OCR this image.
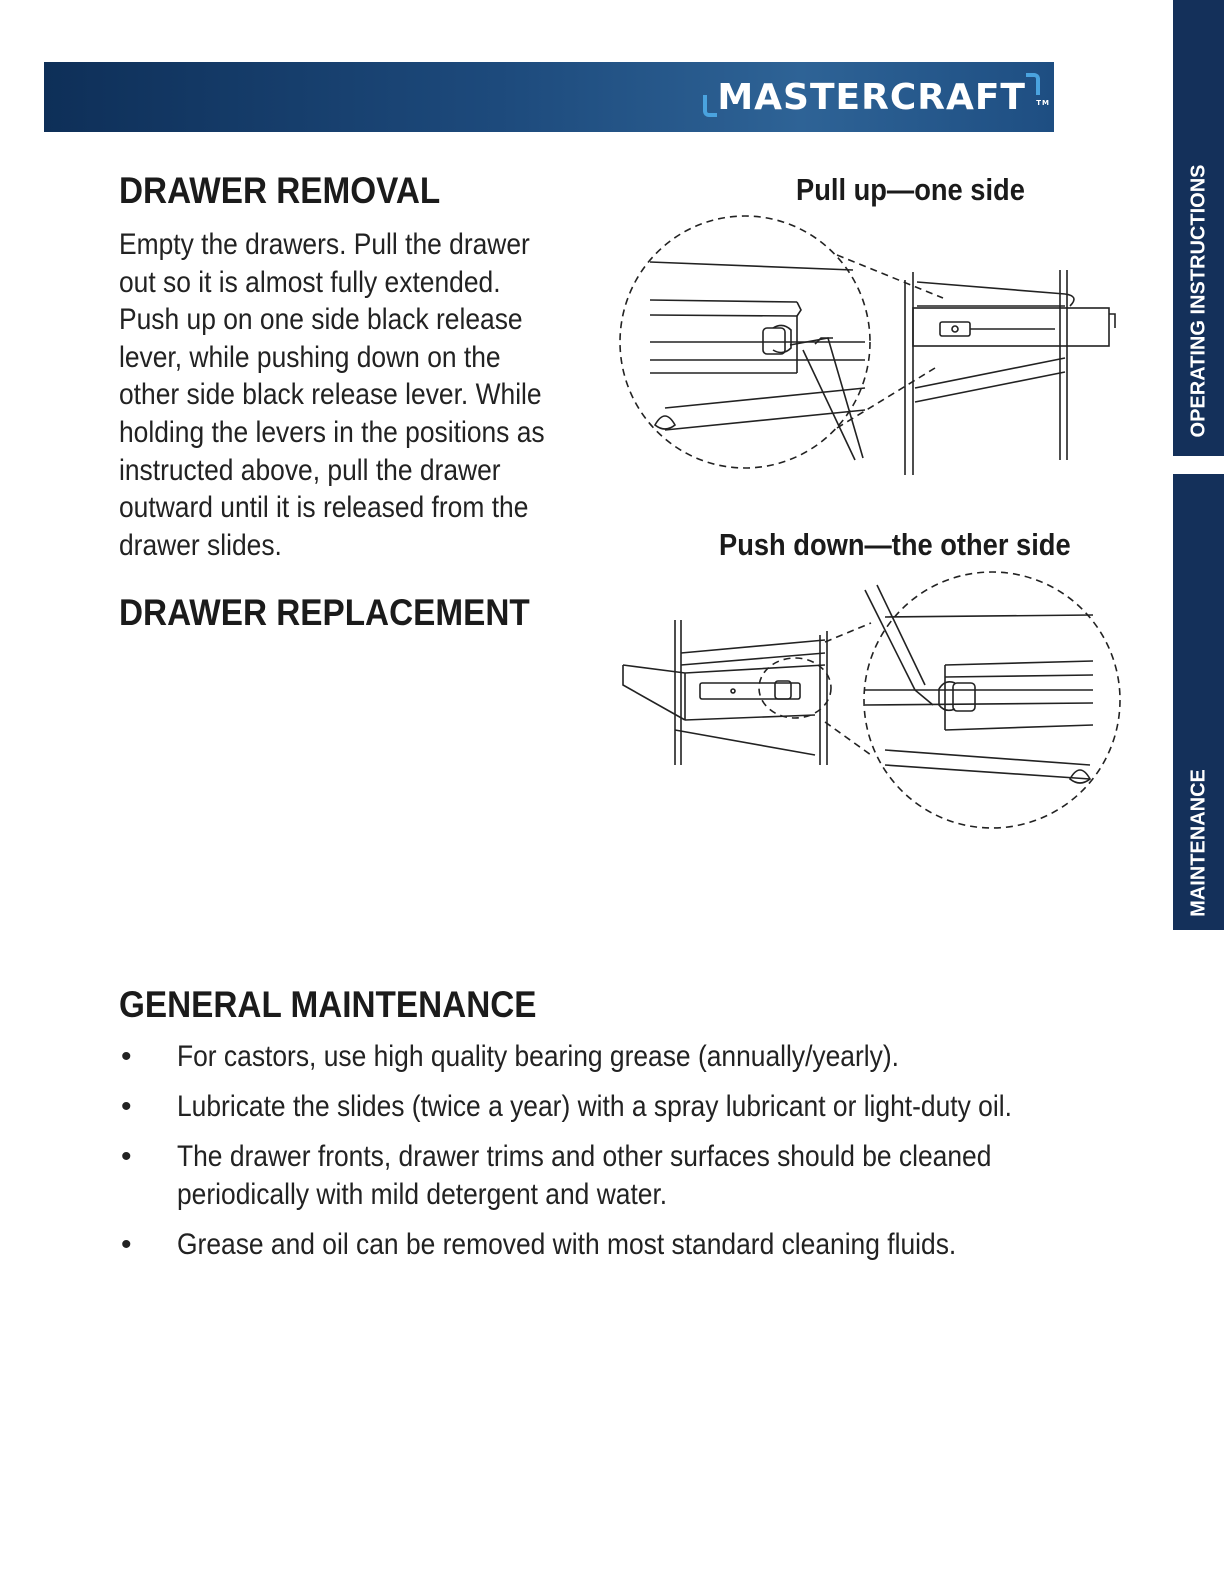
MASTERCRAFT TM
OPERATING INSTRUCTIONS
MAINTENANCE
DRAWER REMOVAL

Empty the drawers. Pull the drawer out so it is almost fully extended. Push up on one side black release lever, while pushing down on the other side black release lever. While holding the levers in the positions as instructed above, pull the drawer outward until it is released from the drawer slides.

DRAWER REPLACEMENT

Pull up—one side

Push down—the other side

GENERAL MAINTENANCE
• For castors, use high quality bearing grease (annually/yearly).
• Lubricate the slides (twice a year) with a spray lubricant or light-duty oil.
• The drawer fronts, drawer trims and other surfaces should be cleaned periodically with mild detergent and water.
• Grease and oil can be removed with most standard cleaning fluids.
